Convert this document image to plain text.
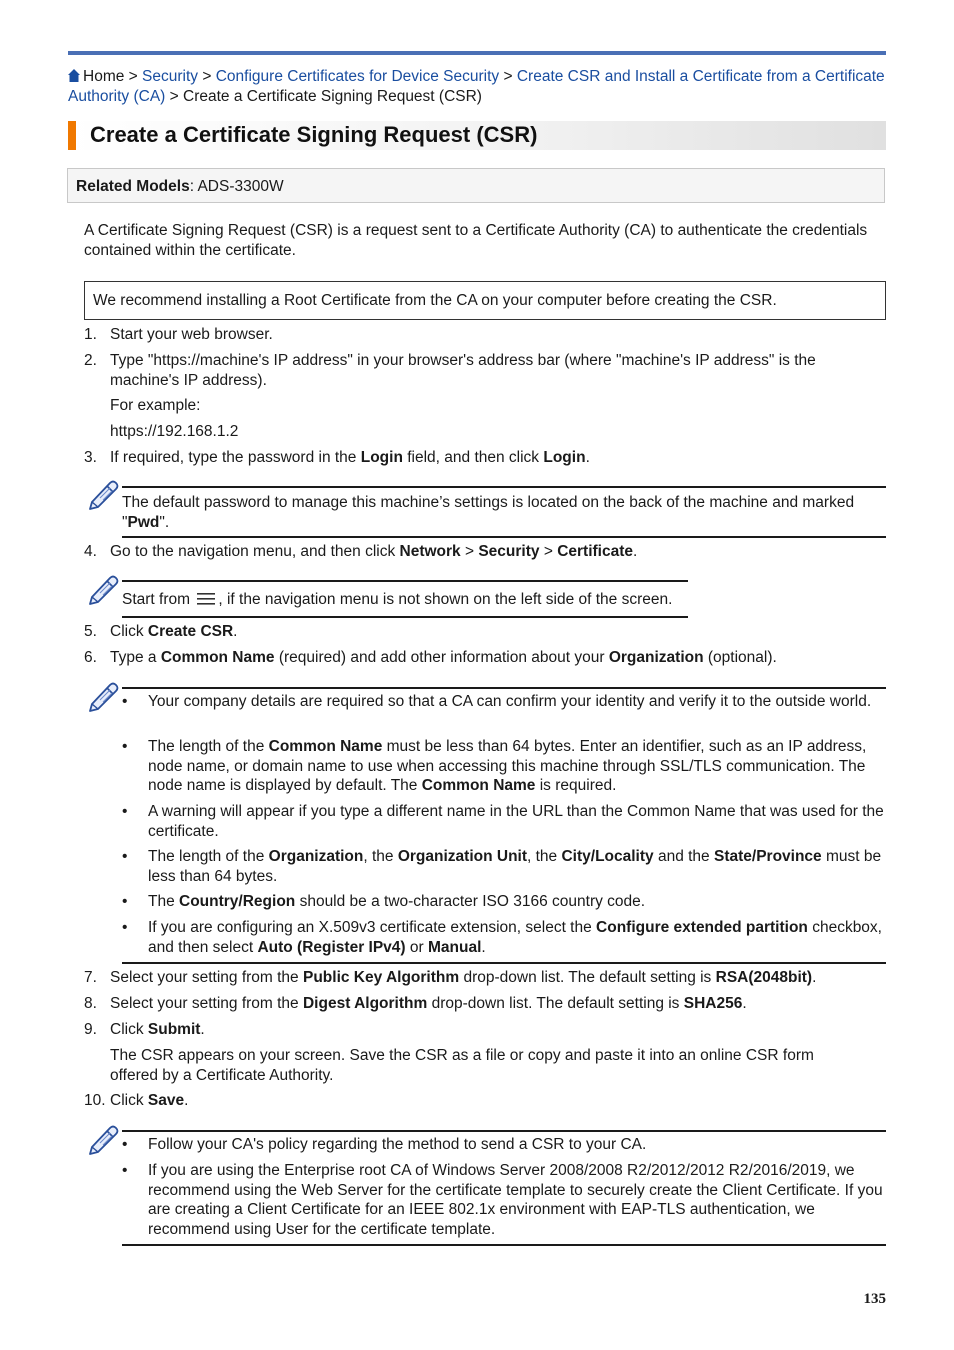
Home > Security > Configure Certificates for Device Security > Create CSR and Install a Certificate from a Certificate Authority (CA) > Create a Certificate Signing Request (CSR)
Create a Certificate Signing Request (CSR)
Related Models: ADS-3300W
A Certificate Signing Request (CSR) is a request sent to a Certificate Authority (CA) to authenticate the credentials contained within the certificate.
We recommend installing a Root Certificate from the CA on your computer before creating the CSR.
1. Start your web browser.
2. Type "https://machine's IP address" in your browser's address bar (where "machine's IP address" is the machine's IP address).
For example:
https://192.168.1.2
3. If required, type the password in the Login field, and then click Login.
The default password to manage this machine’s settings is located on the back of the machine and marked "Pwd".
4. Go to the navigation menu, and then click Network > Security > Certificate.
Start from , if the navigation menu is not shown on the left side of the screen.
5. Click Create CSR.
6. Type a Common Name (required) and add other information about your Organization (optional).
• Your company details are required so that a CA can confirm your identity and verify it to the outside world.
• The length of the Common Name must be less than 64 bytes. Enter an identifier, such as an IP address, node name, or domain name to use when accessing this machine through SSL/TLS communication. The node name is displayed by default. The Common Name is required.
• A warning will appear if you type a different name in the URL than the Common Name that was used for the certificate.
• The length of the Organization, the Organization Unit, the City/Locality and the State/Province must be less than 64 bytes.
• The Country/Region should be a two-character ISO 3166 country code.
• If you are configuring an X.509v3 certificate extension, select the Configure extended partition checkbox, and then select Auto (Register IPv4) or Manual.
7. Select your setting from the Public Key Algorithm drop-down list. The default setting is RSA(2048bit).
8. Select your setting from the Digest Algorithm drop-down list. The default setting is SHA256.
9. Click Submit.
The CSR appears on your screen. Save the CSR as a file or copy and paste it into an online CSR form offered by a Certificate Authority.
10. Click Save.
• Follow your CA's policy regarding the method to send a CSR to your CA.
• If you are using the Enterprise root CA of Windows Server 2008/2008 R2/2012/2012 R2/2016/2019, we recommend using the Web Server for the certificate template to securely create the Client Certificate. If you are creating a Client Certificate for an IEEE 802.1x environment with EAP-TLS authentication, we recommend using User for the certificate template.
135
